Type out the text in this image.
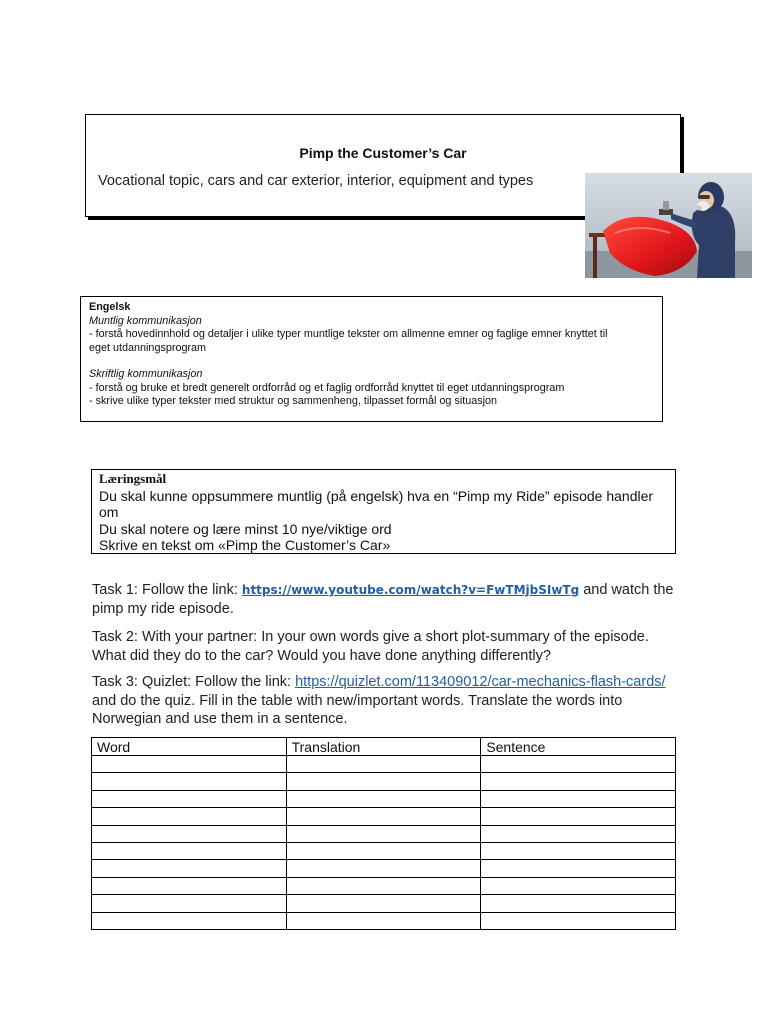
Pimp the Customer’s Car
Vocational topic, cars and car exterior, interior, equipment and types
Engelsk
Muntlig kommunikasjon
- forstå hovedinnhold og detaljer i ulike typer muntlige tekster om allmenne emner og faglige emner knyttet til
eget utdanningsprogram
Skriftlig kommunikasjon
- forstå og bruke et bredt generelt ordforråd og et faglig ordforråd knyttet til eget utdanningsprogram
- skrive ulike typer tekster med struktur og sammenheng, tilpasset formål og situasjon
Læringsmål
Du skal kunne oppsummere muntlig (på engelsk) hva en “Pimp my Ride” episode handler om
Du skal notere og lære minst 10 nye/viktige ord
Skrive en tekst om «Pimp the Customer’s Car»
Task 1: Follow the link: https://www.youtube.com/watch?v=FwTMjbSIwTg and watch the pimp my ride episode.
Task 2: With your partner: In your own words give a short plot-summary of the episode. What did they do to the car? Would you have done anything differently?
Task 3: Quizlet: Follow the link: https://quizlet.com/113409012/car-mechanics-flash-cards/ and do the quiz. Fill in the table with new/important words. Translate the words into Norwegian and use them in a sentence.
Word	Translation	Sentence
